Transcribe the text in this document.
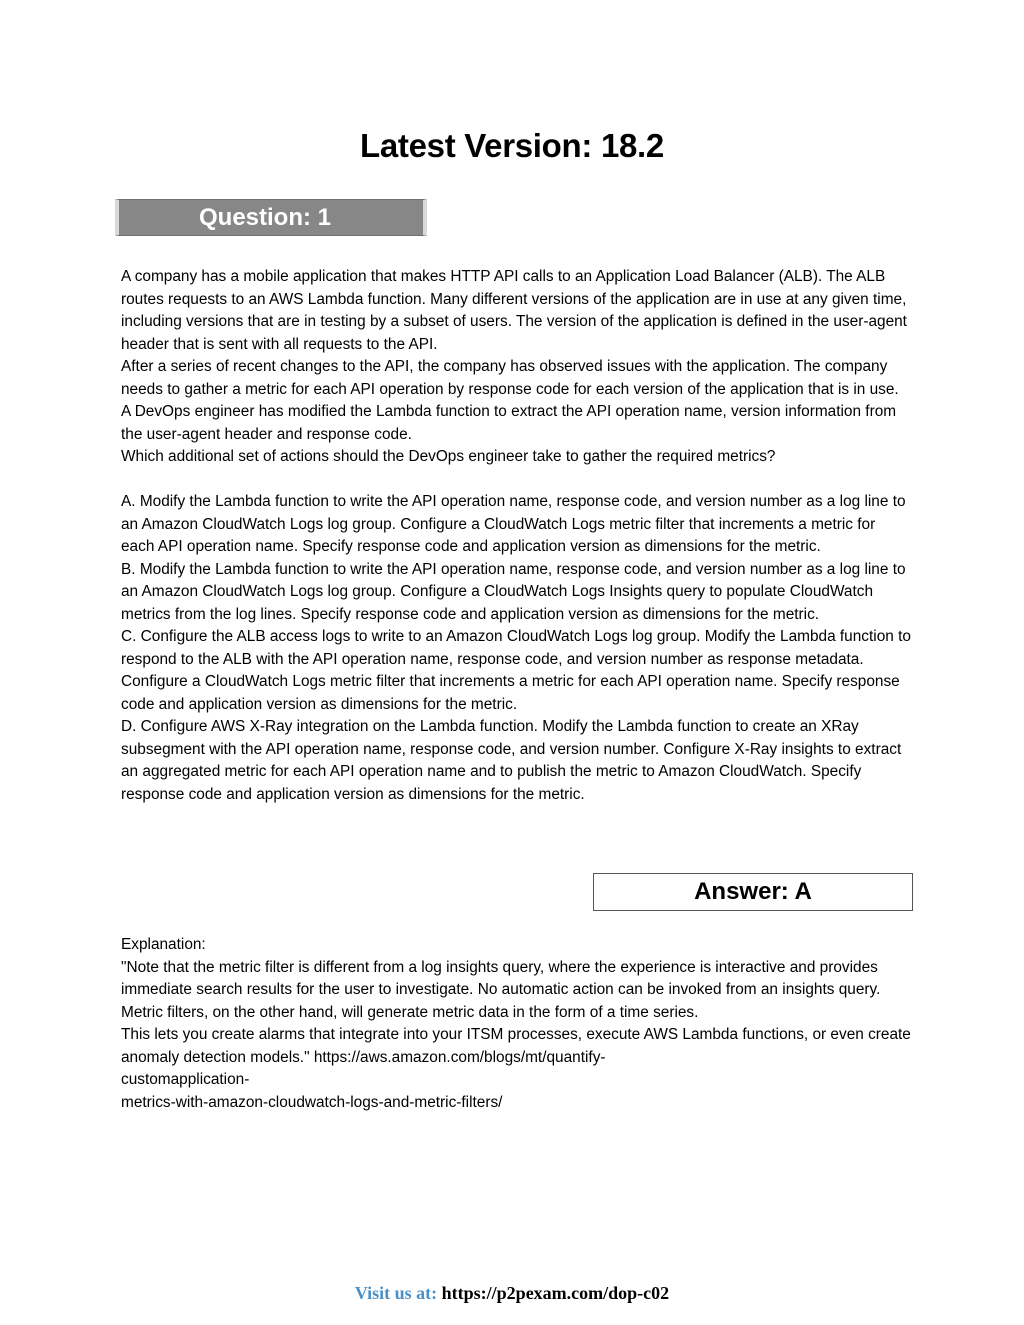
Latest Version: 18.2
Question: 1

A company has a mobile application that makes HTTP API calls to an Application Load Balancer (ALB). The ALB routes requests to an AWS Lambda function. Many different versions of the application are in use at any given time, including versions that are in testing by a subset of users. The version of the application is defined in the user-agent header that is sent with all requests to the API.

After a series of recent changes to the API, the company has observed issues with the application. The company needs to gather a metric for each API operation by response code for each version of the application that is in use. A DevOps engineer has modified the Lambda function to extract the API operation name, version information from the user-agent header and response code.

Which additional set of actions should the DevOps engineer take to gather the required metrics?

A. Modify the Lambda function to write the API operation name, response code, and version number as a log line to an Amazon CloudWatch Logs log group. Configure a CloudWatch Logs metric filter that increments a metric for each API operation name. Specify response code and application version as dimensions for the metric.

B. Modify the Lambda function to write the API operation name, response code, and version number as a log line to an Amazon CloudWatch Logs log group. Configure a CloudWatch Logs Insights query to populate CloudWatch metrics from the log lines. Specify response code and application version as dimensions for the metric.

C. Configure the ALB access logs to write to an Amazon CloudWatch Logs log group. Modify the Lambda function to respond to the ALB with the API operation name, response code, and version number as response metadata. Configure a CloudWatch Logs metric filter that increments a metric for each API operation name. Specify response code and application version as dimensions for the metric.

D. Configure AWS X-Ray integration on the Lambda function. Modify the Lambda function to create an XRay subsegment with the API operation name, response code, and version number. Configure X-Ray insights to extract an aggregated metric for each API operation name and to publish the metric to Amazon CloudWatch. Specify response code and application version as dimensions for the metric.

Answer: A

Explanation:

"Note that the metric filter is different from a log insights query, where the experience is interactive and provides immediate search results for the user to investigate. No automatic action can be invoked from an insights query. Metric filters, on the other hand, will generate metric data in the form of a time series.

This lets you create alarms that integrate into your ITSM processes, execute AWS Lambda functions, or even create anomaly detection models." https://aws.amazon.com/blogs/mt/quantify-

customapplication-

metrics-with-amazon-cloudwatch-logs-and-metric-filters/

Visit us at: https://p2pexam.com/dop-c02
